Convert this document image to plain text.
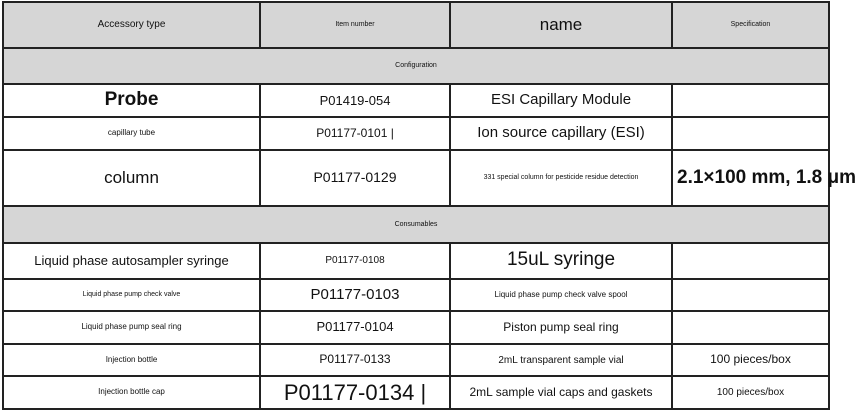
Accessory type	Item number	name	Specification
Configuration			
Probe	P01419-054	ESI Capillary Module	
capillary tube	P01177-0101 |	Ion source capillary (ESI)	
column	P01177-0129	331 special column for pesticide residue detection	2.1×100 mm, 1.8 μm
Consumables			
Liquid phase autosampler syringe	P01177-0108	15uL syringe	
Liquid phase pump check valve	P01177-0103	Liquid phase pump check valve spool	
Liquid phase pump seal ring	P01177-0104	Piston pump seal ring	
Injection bottle	P01177-0133	2mL transparent sample vial	100 pieces/box
Injection bottle cap	P01177-0134 |	2mL sample vial caps and gaskets	100 pieces/box
